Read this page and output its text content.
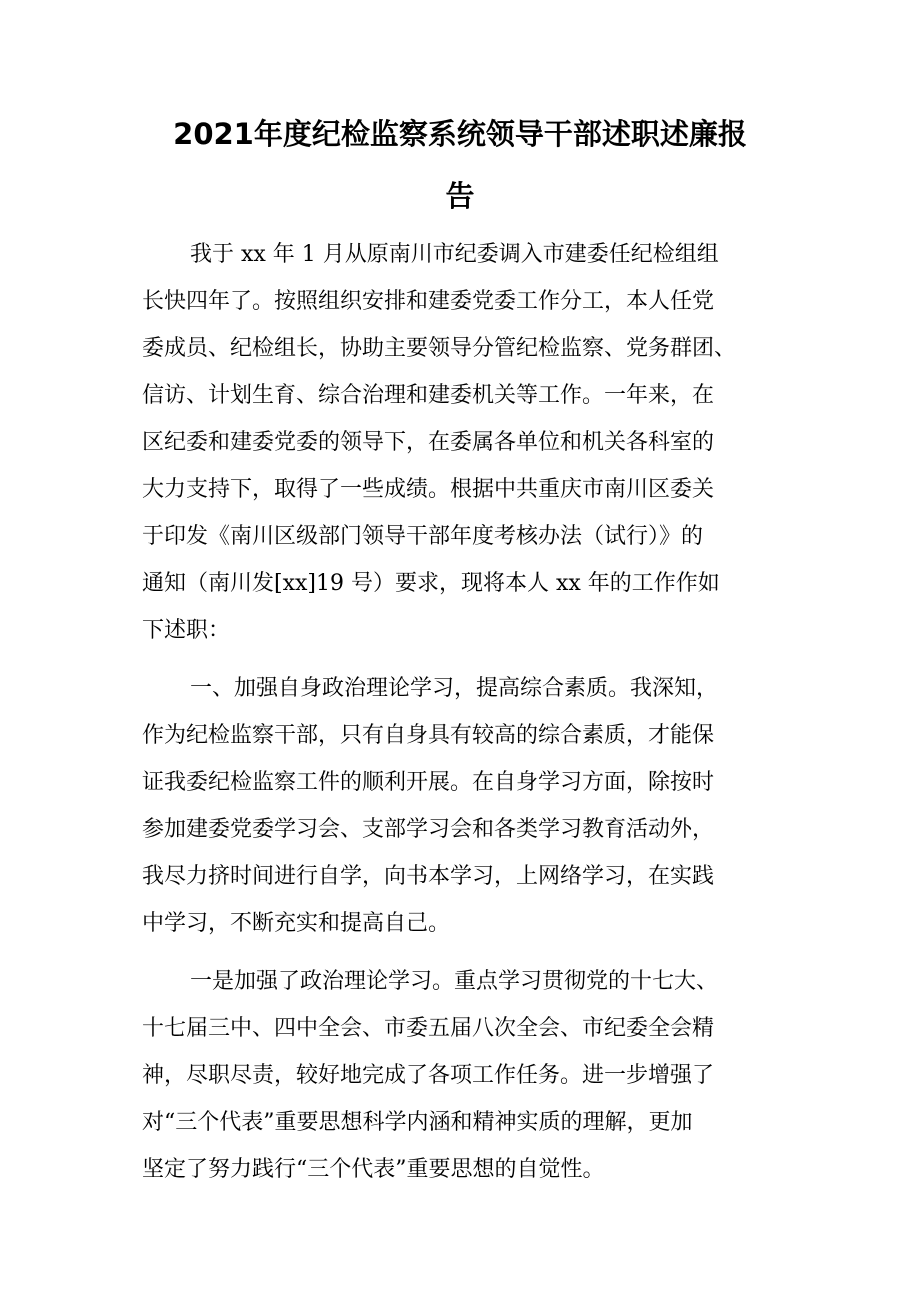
2021年度纪检监察系统领导干部述职述廉报
告

我于 xx 年 1 月从原南川市纪委调入市建委任纪检组组

长快四年了。按照组织安排和建委党委工作分工，本人任党

委成员、纪检组长，协助主要领导分管纪检监察、党务群团、

信访、计划生育、综合治理和建委机关等工作。一年来，在

区纪委和建委党委的领导下，在委属各单位和机关各科室的

大力支持下，取得了一些成绩。根据中共重庆市南川区委关

于印发《南川区级部门领导干部年度考核办法（试行）》的

通知（南川发[xx]19 号）要求，现将本人 xx 年的工作作如

下述职：

一、加强自身政治理论学习，提高综合素质。我深知，

作为纪检监察干部，只有自身具有较高的综合素质，才能保

证我委纪检监察工件的顺利开展。在自身学习方面，除按时

参加建委党委学习会、支部学习会和各类学习教育活动外，

我尽力挤时间进行自学，向书本学习，上网络学习，在实践

中学习，不断充实和提高自己。

一是加强了政治理论学习。重点学习贯彻党的十七大、

十七届三中、四中全会、市委五届八次全会、市纪委全会精

神，尽职尽责，较好地完成了各项工作任务。进一步增强了

对“三个代表”重要思想科学内涵和精神实质的理解，更加

坚定了努力践行“三个代表”重要思想的自觉性。
